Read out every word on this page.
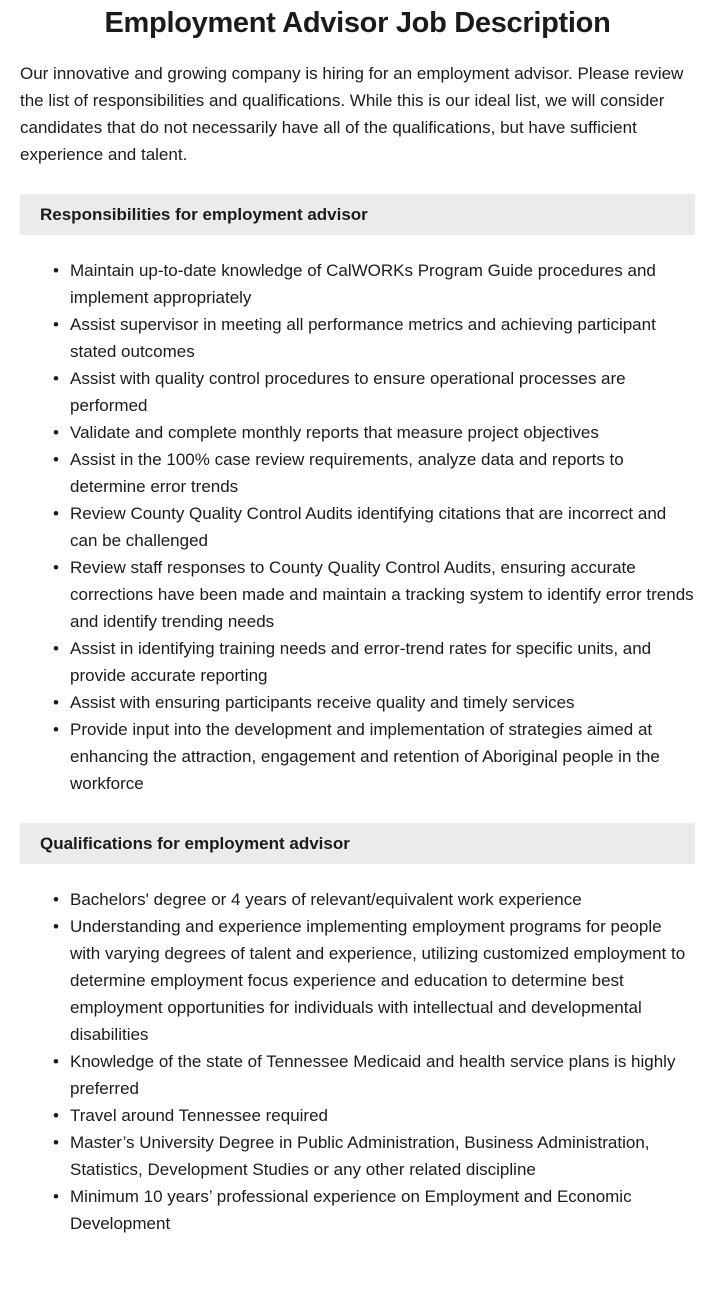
Employment Advisor Job Description

Our innovative and growing company is hiring for an employment advisor. Please review the list of responsibilities and qualifications. While this is our ideal list, we will consider candidates that do not necessarily have all of the qualifications, but have sufficient experience and talent.

Responsibilities for employment advisor
• Maintain up-to-date knowledge of CalWORKs Program Guide procedures and implement appropriately
• Assist supervisor in meeting all performance metrics and achieving participant stated outcomes
• Assist with quality control procedures to ensure operational processes are performed
• Validate and complete monthly reports that measure project objectives
• Assist in the 100% case review requirements, analyze data and reports to determine error trends
• Review County Quality Control Audits identifying citations that are incorrect and can be challenged
• Review staff responses to County Quality Control Audits, ensuring accurate corrections have been made and maintain a tracking system to identify error trends and identify trending needs
• Assist in identifying training needs and error-trend rates for specific units, and provide accurate reporting
• Assist with ensuring participants receive quality and timely services
• Provide input into the development and implementation of strategies aimed at enhancing the attraction, engagement and retention of Aboriginal people in the workforce
Qualifications for employment advisor
• Bachelors' degree or 4 years of relevant/equivalent work experience
• Understanding and experience implementing employment programs for people with varying degrees of talent and experience, utilizing customized employment to determine employment focus experience and education to determine best employment opportunities for individuals with intellectual and developmental disabilities
• Knowledge of the state of Tennessee Medicaid and health service plans is highly preferred
• Travel around Tennessee required
• Master’s University Degree in Public Administration, Business Administration, Statistics, Development Studies or any other related discipline
• Minimum 10 years’ professional experience on Employment and Economic Development
